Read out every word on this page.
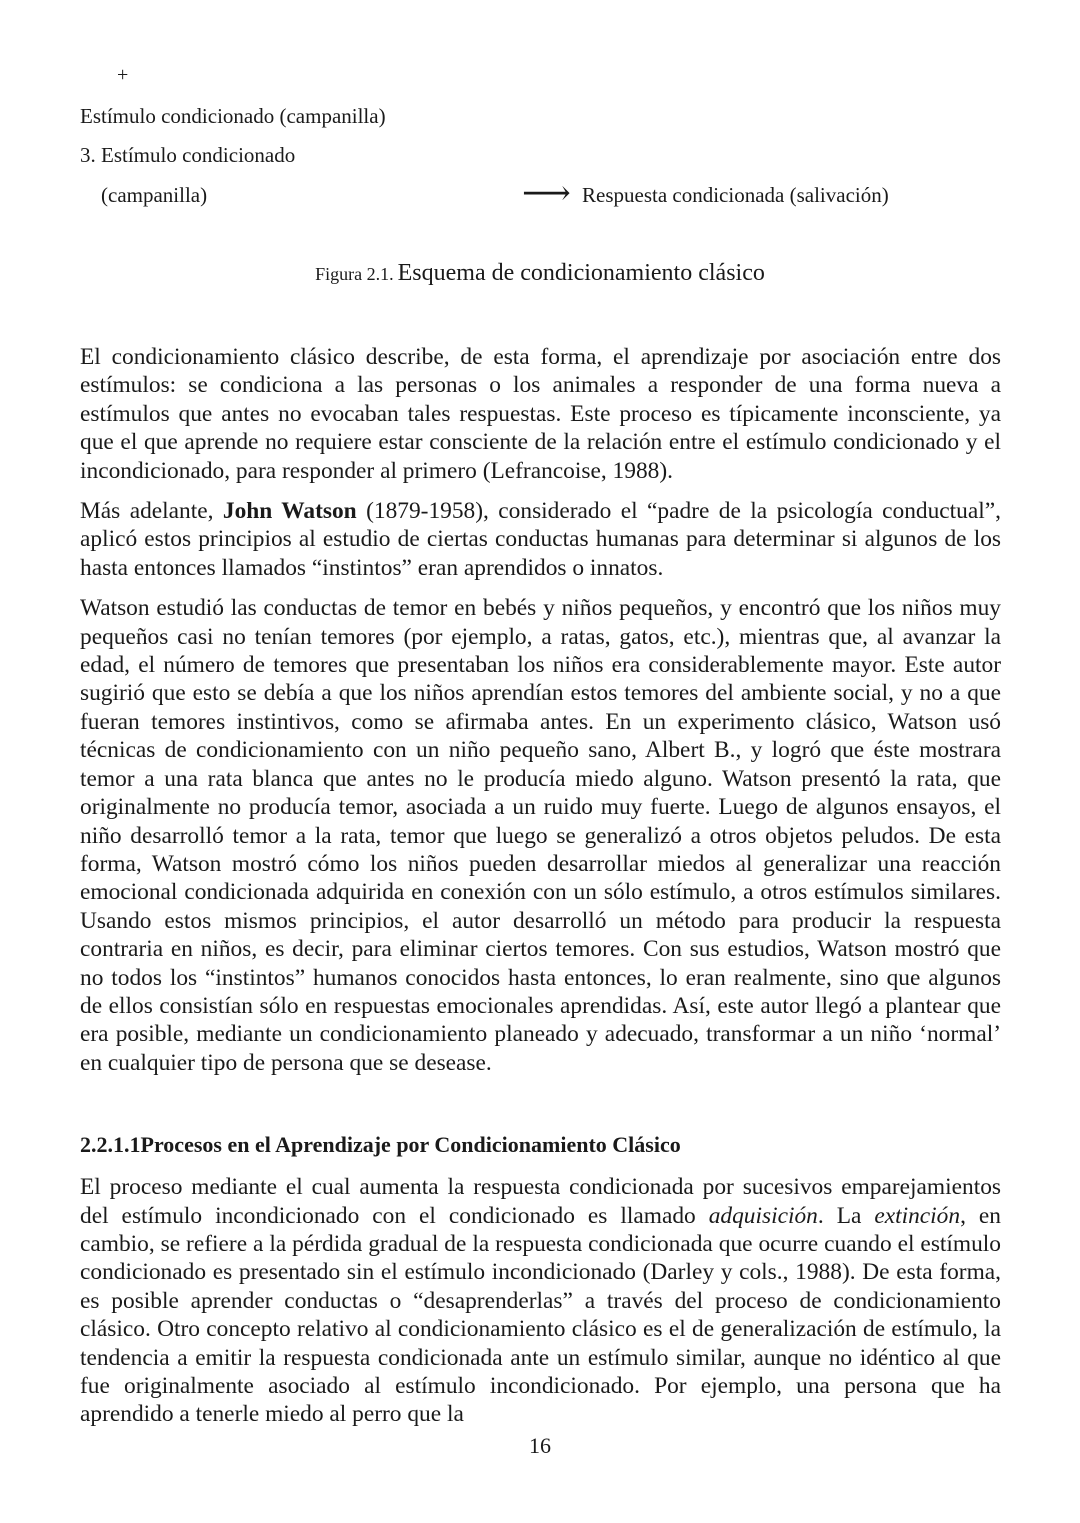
+
Estímulo condicionado (campanilla)
3. Estímulo condicionado
(campanilla)	⟶ Respuesta condicionada (salivación)
Figura 2.1. Esquema de condicionamiento clásico

El condicionamiento clásico describe, de esta forma, el aprendizaje por asociación entre dos estímulos: se condiciona a las personas o los animales a responder de una forma nueva a estímulos que antes no evocaban tales respuestas. Este proceso es típicamente inconsciente, ya que el que aprende no requiere estar consciente de la relación entre el estímulo condicionado y el incondicionado, para responder al primero (Lefrancoise, 1988).

Más adelante, John Watson (1879-1958), considerado el “padre de la psicología conductual”, aplicó estos principios al estudio de ciertas conductas humanas para determinar si algunos de los hasta entonces llamados “instintos” eran aprendidos o innatos.

Watson estudió las conductas de temor en bebés y niños pequeños, y encontró que los niños muy pequeños casi no tenían temores (por ejemplo, a ratas, gatos, etc.), mientras que, al avanzar la edad, el número de temores que presentaban los niños era considerablemente mayor. Este autor sugirió que esto se debía a que los niños aprendían estos temores del ambiente social, y no a que fueran temores instintivos, como se afirmaba antes. En un experimento clásico, Watson usó técnicas de condicionamiento con un niño pequeño sano, Albert B., y logró que éste mostrara temor a una rata blanca que antes no le producía miedo alguno. Watson presentó la rata, que originalmente no producía temor, asociada a un ruido muy fuerte. Luego de algunos ensayos, el niño desarrolló temor a la rata, temor que luego se generalizó a otros objetos peludos. De esta forma, Watson mostró cómo los niños pueden desarrollar miedos al generalizar una reacción emocional condicionada adquirida en conexión con un sólo estímulo, a otros estímulos similares. Usando estos mismos principios, el autor desarrolló un método para producir la respuesta contraria en niños, es decir, para eliminar ciertos temores. Con sus estudios, Watson mostró que no todos los “instintos” humanos conocidos hasta entonces, lo eran realmente, sino que algunos de ellos consistían sólo en respuestas emocionales aprendidas. Así, este autor llegó a plantear que era posible, mediante un condicionamiento planeado y adecuado, transformar a un niño ‘normal’ en cualquier tipo de persona que se desease.

2.2.1.1Procesos en el Aprendizaje por Condicionamiento Clásico

El proceso mediante el cual aumenta la respuesta condicionada por sucesivos emparejamientos del estímulo incondicionado con el condicionado es llamado adquisición. La extinción, en cambio, se refiere a la pérdida gradual de la respuesta condicionada que ocurre cuando el estímulo condicionado es presentado sin el estímulo incondicionado (Darley y cols., 1988). De esta forma, es posible aprender conductas o “desaprenderlas” a través del proceso de condicionamiento clásico. Otro concepto relativo al condicionamiento clásico es el de generalización de estímulo, la tendencia a emitir la respuesta condicionada ante un estímulo similar, aunque no idéntico al que fue originalmente asociado al estímulo incondicionado. Por ejemplo, una persona que ha aprendido a tenerle miedo al perro que la

16
